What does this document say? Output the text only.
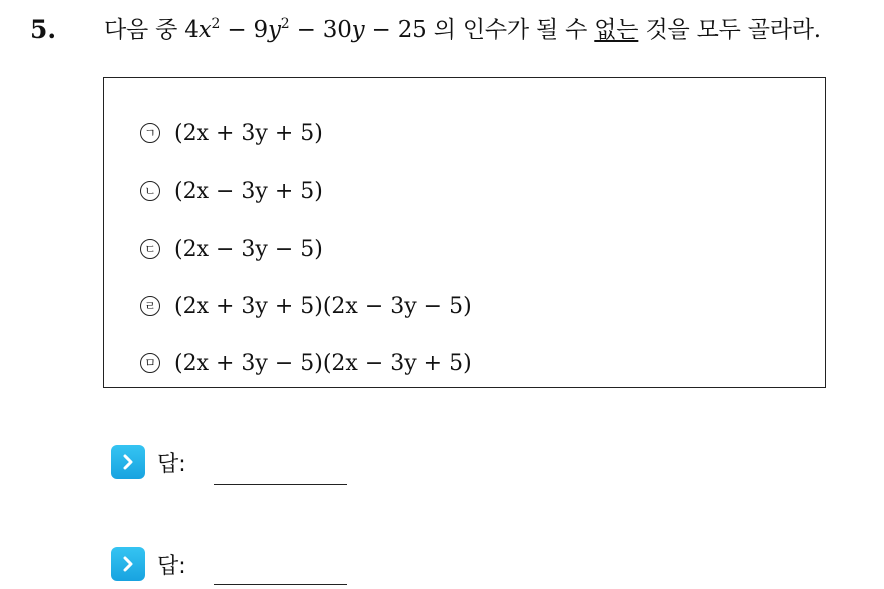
5. 다음 중 $4x^2 - 9y^2 - 30y - 25$ 의 인수가 될 수 없는 것을 모두 골라라.
ㄱ (2x + 3y + 5)
ㄴ (2x − 3y + 5)
ㄷ (2x − 3y − 5)
ㄹ (2x + 3y + 5)(2x − 3y − 5)
ㅁ (2x + 3y − 5)(2x − 3y + 5)
답:
답:
